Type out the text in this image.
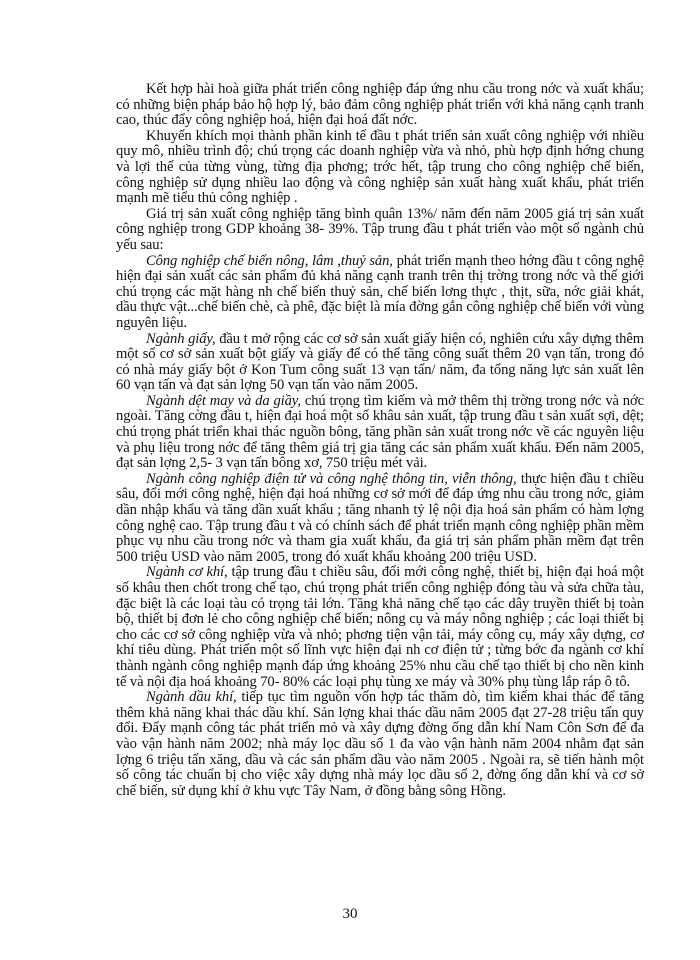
Kết hợp hài hoà giữa phát triển công nghiệp đáp ứng nhu cầu trong nớc và xuất khẩu; có những biện pháp bảo hộ hợp lý, bảo đảm công nghiệp phát triển với khả năng cạnh tranh cao, thúc đẩy công nghiệp hoá, hiện đại hoá đất nớc.

Khuyến khích mọi thành phần kinh tế đầu t phát triển sản xuất công nghiệp với nhiều quy mô, nhiều trình độ; chú trọng các doanh nghiệp vừa và nhỏ, phù hợp định hớng chung và lợi thế của từng vùng, từng địa phơng; trớc hết, tập trung cho công nghiệp chế biến, công nghiệp sử dụng nhiều lao động và công nghiệp sản xuất hàng xuất khẩu, phát triển mạnh mẽ tiểu thủ công nghiệp .

Giá trị sản xuất công nghiệp tăng bình quân 13%/ năm đến năm 2005 giá trị sản xuất công nghiệp trong GDP khoảng 38- 39%. Tập trung đầu t phát triển vào một số ngành chủ yếu sau:

Công nghiệp chế biến nông, lâm ,thuỷ sản, phát triển mạnh theo hớng đầu t công nghệ hiện đại sản xuất các sản phẩm đủ khả năng cạnh tranh trên thị trờng trong nớc và thế giới chú trọng các mặt hàng nh chế biến thuỷ sản, chế biến lơng thực , thịt, sữa, nớc giải khát, dầu thực vật...chế biến chè, cà phê, đặc biệt là mía đờng gắn công nghiệp chế biến với vùng nguyên liệu.

Ngành giấy, đầu t mở rộng các cơ sở sản xuất giấy hiện có, nghiên cứu xây dựng thêm một số cơ sở sản xuất bột giấy và giấy để có thể tăng công suất thêm 20 vạn tấn, trong đó có nhà máy giấy bột ở Kon Tum công suất 13 vạn tấn/ năm, đa tổng năng lực sản xuất lên 60 vạn tấn và đạt sản lợng 50 vạn tấn vào năm 2005.

Ngành dệt may và da giầy, chú trọng tìm kiếm và mở thêm thị trờng trong nớc và nớc ngoài. Tăng cờng đầu t, hiện đại hoá một số khâu sản xuất, tập trung đầu t sản xuất sợi, dệt; chú trọng phát triển khai thác nguồn bông, tăng phần sản xuất trong nớc về các nguyên liệu và phụ liệu trong nớc để tăng thêm giá trị gia tăng các sản phẩm xuất khẩu. Đến năm 2005, đạt sản lợng 2,5- 3 vạn tấn bông xơ, 750 triệu mét vải.

Ngành công nghiệp điện tử và công nghệ thông tin, viễn thông, thực hiện đầu t chiều sâu, đổi mới công nghệ, hiện đại hoá những cơ sở mới để đáp ứng nhu cầu trong nớc, giảm dần nhập khẩu và tăng dần xuất khẩu ; tăng nhanh tỷ lệ nội địa hoá sản phẩm có hàm lợng công nghệ cao. Tập trung đầu t và có chính sách để phát triển mạnh công nghiệp phần mềm phục vụ nhu cầu trong nớc và tham gia xuất khẩu, đa giá trị sản phẩm phần mềm đạt trên 500 triệu USD vào năm 2005, trong đó xuất khẩu khoảng 200 triệu USD.

Ngành cơ khí, tập trung đầu t chiều sâu, đổi mới công nghệ, thiết bị, hiện đại hoá một số khâu then chốt trong chế tạo, chú trọng phát triển công nghiệp đóng tàu và sửa chữa tàu, đặc biệt là các loại tàu có trọng tải lớn. Tăng khả năng chế tạo các dây truyền thiết bị toàn bộ, thiết bị đơn lẻ cho công nghiệp chế biến; nông cụ và máy nông nghiệp ; các loại thiết bị cho các cơ sở công nghiệp vừa và nhỏ; phơng tiện vận tải, máy công cụ, máy xây dựng, cơ khí tiêu dùng. Phát triển một số lĩnh vực hiện đại nh cơ điện tử ; từng bớc đa ngành cơ khí thành ngành công nghiệp mạnh đáp ứng khoảng 25% nhu cầu chế tạo thiết bị cho nền kinh tế và nội địa hoá khoảng 70- 80% các loại phụ tùng xe máy và 30% phụ tùng lắp ráp ô tô.

Ngành dầu khí, tiếp tục tìm nguồn vốn hợp tác thăm dò, tìm kiếm khai thác để tăng thêm khả năng khai thác dầu khí. Sản lợng khai thác dầu năm 2005 đạt 27-28 triệu tấn quy đổi. Đẩy mạnh công tác phát triển mỏ và xây dựng đờng ống dẫn khí Nam Côn Sơn để đa vào vận hành năm 2002; nhà máy lọc dầu số 1 đa vào vận hành năm 2004 nhằm đạt sản lợng 6 triệu tấn xăng, dầu và các sản phẩm dầu vào năm 2005 . Ngoài ra, sẽ tiến hành một số công tác chuẩn bị cho việc xây dựng nhà máy lọc dầu số 2, đờng ống dẫn khí và cơ sở chế biến, sử dụng khí ở khu vực Tây Nam, ở đồng bằng sông Hồng.

30
